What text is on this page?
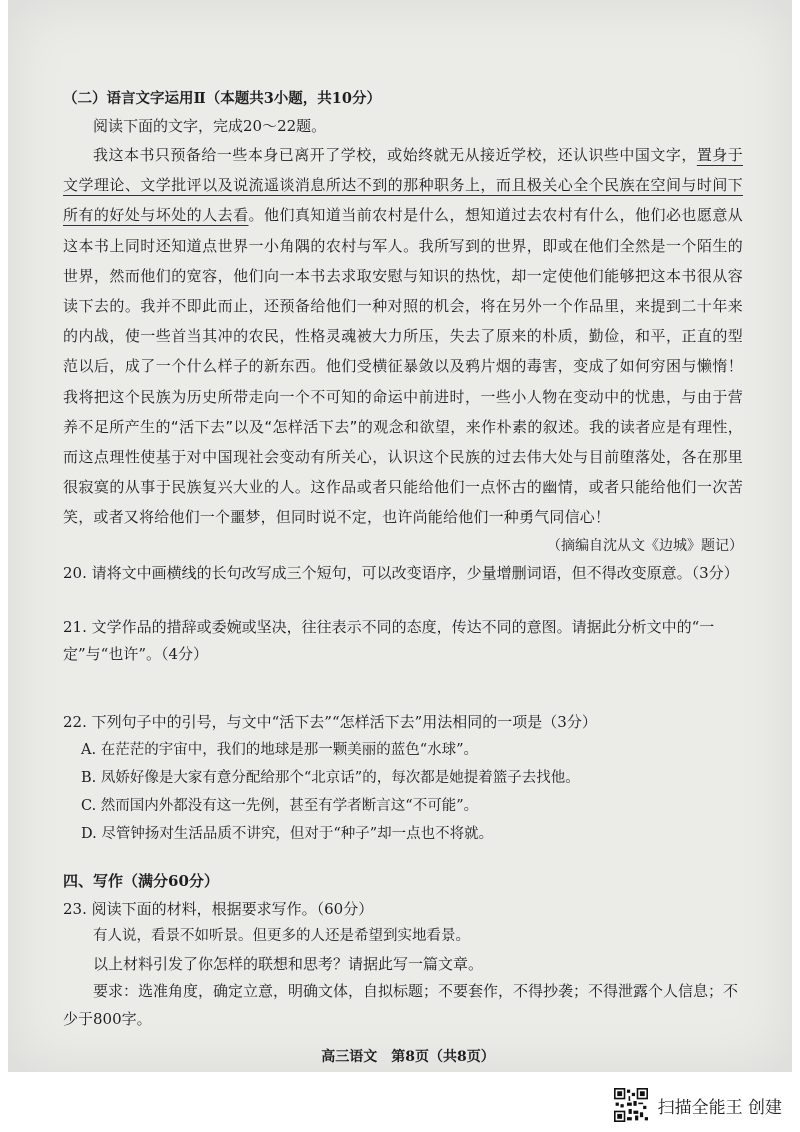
（二）语言文字运用Ⅱ（本题共3小题，共10分）

阅读下面的文字，完成20～22题。

我这本书只预备给一些本身已离开了学校，或始终就无从接近学校，还认识些中国文字，置身于文学理论、文学批评以及说流遥谈消息所达不到的那种职务上，而且极关心全个民族在空间与时间下所有的好处与坏处的人去看。他们真知道当前农村是什么，想知道过去农村有什么，他们必也愿意从这本书上同时还知道点世界一小角隅的农村与军人。我所写到的世界，即或在他们全然是一个陌生的世界，然而他们的宽容，他们向一本书去求取安慰与知识的热忱，却一定使他们能够把这本书很从容读下去的。我并不即此而止，还预备给他们一种对照的机会，将在另外一个作品里，来提到二十年来的内战，使一些首当其冲的农民，性格灵魂被大力所压，失去了原来的朴质，勤俭，和平，正直的型范以后，成了一个什么样子的新东西。他们受横征暴敛以及鸦片烟的毒害，变成了如何穷困与懒惰！我将把这个民族为历史所带走向一个不可知的命运中前进时，一些小人物在变动中的忧患，与由于营养不足所产生的“活下去”以及“怎样活下去”的观念和欲望，来作朴素的叙述。我的读者应是有理性，而这点理性使基于对中国现社会变动有所关心，认识这个民族的过去伟大处与目前堕落处，各在那里很寂寞的从事于民族复兴大业的人。这作品或者只能给他们一点怀古的幽情，或者只能给他们一次苦笑，或者又将给他们一个噩梦，但同时说不定，也许尚能给他们一种勇气同信心！

（摘编自沈从文《边城》题记）

20. 请将文中画横线的长句改写成三个短句，可以改变语序，少量增删词语，但不得改变原意。（3分）

21. 文学作品的措辞或委婉或坚决，往往表示不同的态度，传达不同的意图。请据此分析文中的“一定”与“也许”。（4分）

22. 下列句子中的引号，与文中“活下去”“怎样活下去”用法相同的一项是（3分）

A. 在茫茫的宇宙中，我们的地球是那一颗美丽的蓝色“水球”。

B. 凤娇好像是大家有意分配给那个“北京话”的，每次都是她提着篮子去找他。

C. 然而国内外都没有这一先例，甚至有学者断言这“不可能”。

D. 尽管钟扬对生活品质不讲究，但对于“种子”却一点也不将就。

四、写作（满分60分）

23. 阅读下面的材料，根据要求写作。（60分）

有人说，看景不如听景。但更多的人还是希望到实地看景。

以上材料引发了你怎样的联想和思考？请据此写一篇文章。

要求：选准角度，确定立意，明确文体，自拟标题；不要套作，不得抄袭；不得泄露个人信息；不少于800字。

高三语文　第8页（共8页）
扫描全能王 创建
